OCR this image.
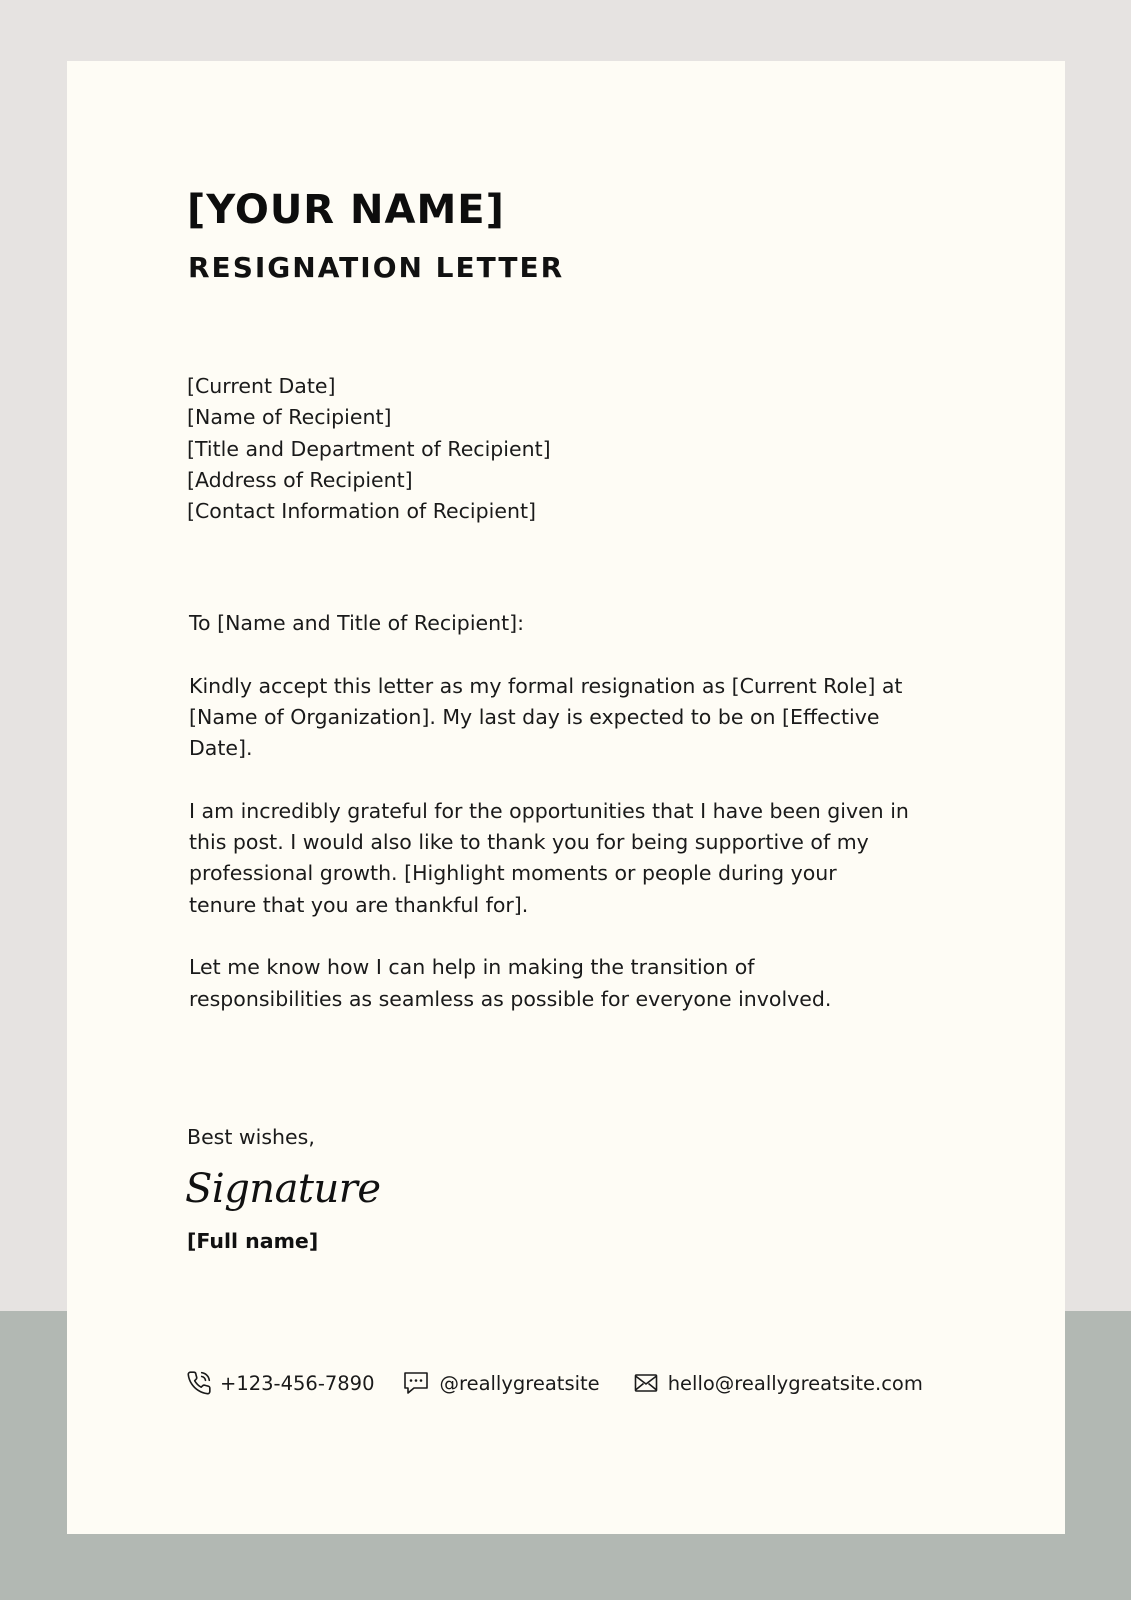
[YOUR NAME]
RESIGNATION LETTER
[Current Date]
[Name of Recipient]
[Title and Department of Recipient]
[Address of Recipient]
[Contact Information of Recipient]

To [Name and Title of Recipient]:

Kindly accept this letter as my formal resignation as [Current Role] at [Name of Organization]. My last day is expected to be on [Effective Date].

I am incredibly grateful for the opportunities that I have been given in this post. I would also like to thank you for being supportive of my professional growth. [Highlight moments or people during your tenure that you are thankful for].

Let me know how I can help in making the transition of responsibilities as seamless as possible for everyone involved.

Best wishes,
Signature
[Full name]
+123-456-7890	@reallygreatsite	hello@reallygreatsite.com
